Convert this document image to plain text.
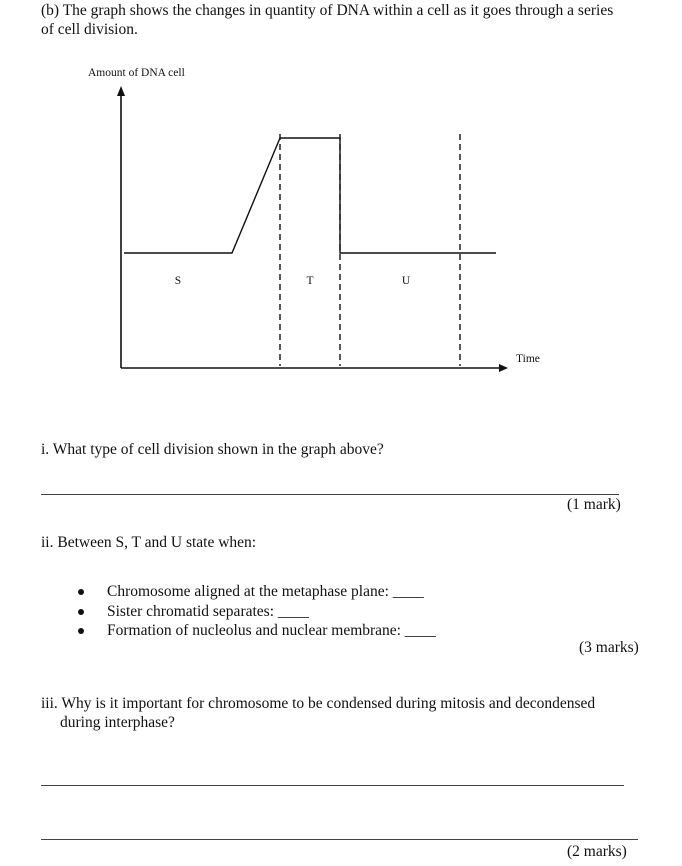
(b) The graph shows the changes in quantity of DNA within a cell as it goes through a series
of cell division.
Amount of DNA cell
Time
S	T	U
i. What type of cell division shown in the graph above?
(1 mark)
ii. Between S, T and U state when:
Chromosome aligned at the metaphase plane: ____
Sister chromatid separates: ____
Formation of nucleolus and nuclear membrane: ____
(3 marks)
iii. Why is it important for chromosome to be condensed during mitosis and decondensed
during interphase?
(2 marks)
